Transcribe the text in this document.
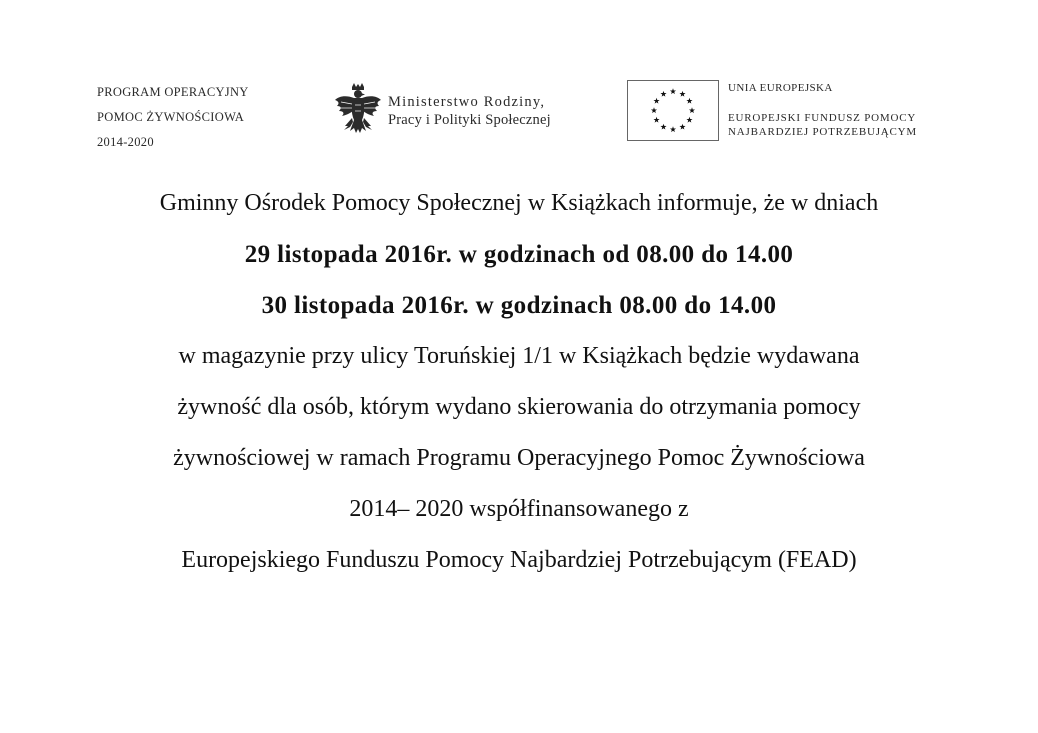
PROGRAM OPERACYJNY
POMOC ŻYWNOŚCIOWA
2014-2020
Ministerstwo Rodziny,
Pracy i Polityki Społecznej
UNIA EUROPEJSKA
EUROPEJSKI FUNDUSZ POMOCY
NAJBARDZIEJ POTRZEBUJĄCYM
Gminny Ośrodek Pomocy Społecznej w Książkach informuje, że w dniach
29 listopada 2016r. w godzinach od 08.00 do 14.00
30 listopada 2016r. w godzinach 08.00 do 14.00
w magazynie przy ulicy Toruńskiej 1/1 w Książkach będzie wydawana
żywność dla osób, którym wydano skierowania do otrzymania pomocy
żywnościowej w ramach Programu Operacyjnego Pomoc Żywnościowa
2014– 2020 współfinansowanego z
Europejskiego Funduszu Pomocy Najbardziej Potrzebującym (FEAD)
